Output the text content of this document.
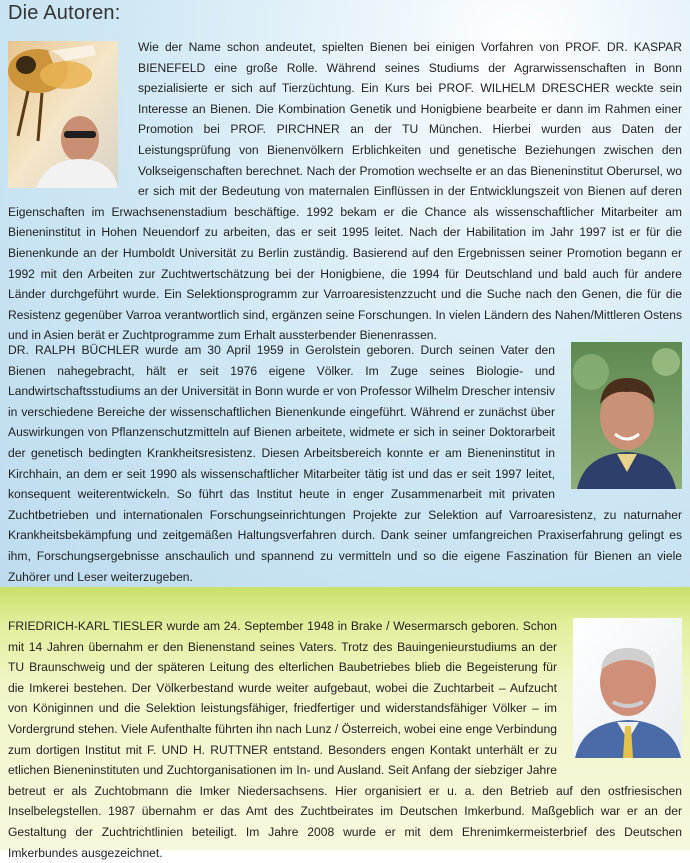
Die Autoren:

Wie der Name schon andeutet, spielten Bienen bei einigen Vorfahren von PROF. DR. KASPAR BIENEFELD eine große Rolle. Während seines Studiums der Agrarwissenschaften in Bonn spezialisierte er sich auf Tierzüchtung. Ein Kurs bei PROF. WILHELM DRESCHER weckte sein Interesse an Bienen. Die Kombination Genetik und Honigbiene bearbeite er dann im Rahmen einer Promotion bei PROF. PIRCHNER an der TU München. Hierbei wurden aus Daten der Leistungsprüfung von Bienenvölkern Erblichkeiten und genetische Beziehungen zwischen den Volkseigenschaften berechnet. Nach der Promotion wechselte er an das Bieneninstitut Oberursel, wo er sich mit der Bedeutung von maternalen Einflüssen in der Entwicklungszeit von Bienen auf deren Eigenschaften im Erwachsenenstadium beschäftige. 1992 bekam er die Chance als wissenschaftlicher Mitarbeiter am Bieneninstitut in Hohen Neuendorf zu arbeiten, das er seit 1995 leitet. Nach der Habilitation im Jahr 1997 ist er für die Bienenkunde an der Humboldt Universität zu Berlin zuständig. Basierend auf den Ergebnissen seiner Promotion begann er 1992 mit den Arbeiten zur Zuchtwertschätzung bei der Honigbiene, die 1994 für Deutschland und bald auch für andere Länder durchgeführt wurde. Ein Selektionsprogramm zur Varroaresistenzzucht und die Suche nach den Genen, die für die Resistenz gegenüber Varroa verantwortlich sind, ergänzen seine Forschungen. In vielen Ländern des Nahen/Mittleren Ostens und in Asien berät er Zuchtprogramme zum Erhalt aussterbender Bienenrassen.

DR. RALPH BÜCHLER wurde am 30 April 1959 in Gerolstein geboren. Durch seinen Vater den Bienen nahegebracht, hält er seit 1976 eigene Völker. Im Zuge seines Biologie- und Landwirtschaftsstudiums an der Universität in Bonn wurde er von Professor Wilhelm Drescher intensiv in verschiedene Bereiche der wissenschaftlichen Bienenkunde eingeführt. Während er zunächst über Auswirkungen von Pflanzenschutzmitteln auf Bienen arbeitete, widmete er sich in seiner Doktorarbeit der genetisch bedingten Krankheitsresistenz. Diesen Arbeitsbereich konnte er am Bieneninstitut in Kirchhain, an dem er seit 1990 als wissenschaftlicher Mitarbeiter tätig ist und das er seit 1997 leitet, konsequent weiterentwickeln. So führt das Institut heute in enger Zusammenarbeit mit privaten Zuchtbetrieben und internationalen Forschungseinrichtungen Projekte zur Selektion auf Varroaresistenz, zu naturnaher Krankheitsbekämpfung und zeitgemäßen Haltungsverfahren durch. Dank seiner umfangreichen Praxiserfahrung gelingt es ihm, Forschungsergebnisse anschaulich und spannend zu vermitteln und so die eigene Faszination für Bienen an viele Zuhörer und Leser weiterzugeben.

FRIEDRICH-KARL TIESLER wurde am 24. September 1948 in Brake / Wesermarsch geboren. Schon mit 14 Jahren übernahm er den Bienenstand seines Vaters. Trotz des Bauingenieurstudiums an der TU Braunschweig und der späteren Leitung des elterlichen Baubetriebes blieb die Begeisterung für die Imkerei bestehen. Der Völkerbestand wurde weiter aufgebaut, wobei die Zuchtarbeit – Aufzucht von Königinnen und die Selektion leistungsfähiger, friedfertiger und widerstandsfähiger Völker – im Vordergrund stehen. Viele Aufenthalte führten ihn nach Lunz / Österreich, wobei eine enge Verbindung zum dortigen Institut mit F. UND H. RUTTNER entstand. Besonders engen Kontakt unterhält er zu etlichen Bieneninstituten und Zuchtorganisationen im In- und Ausland. Seit Anfang der siebziger Jahre betreut er als Zuchtobmann die Imker Niedersachsens. Hier organisiert er u. a. den Betrieb auf den ostfriesischen Inselbelegstellen. 1987 übernahm er das Amt des Zuchtbeirates im Deutschen Imkerbund. Maßgeblich war er an der Gestaltung der Zuchtrichtlinien beteiligt. Im Jahre 2008 wurde er mit dem Ehrenimkermeisterbrief des Deutschen Imkerbundes ausgezeichnet.
